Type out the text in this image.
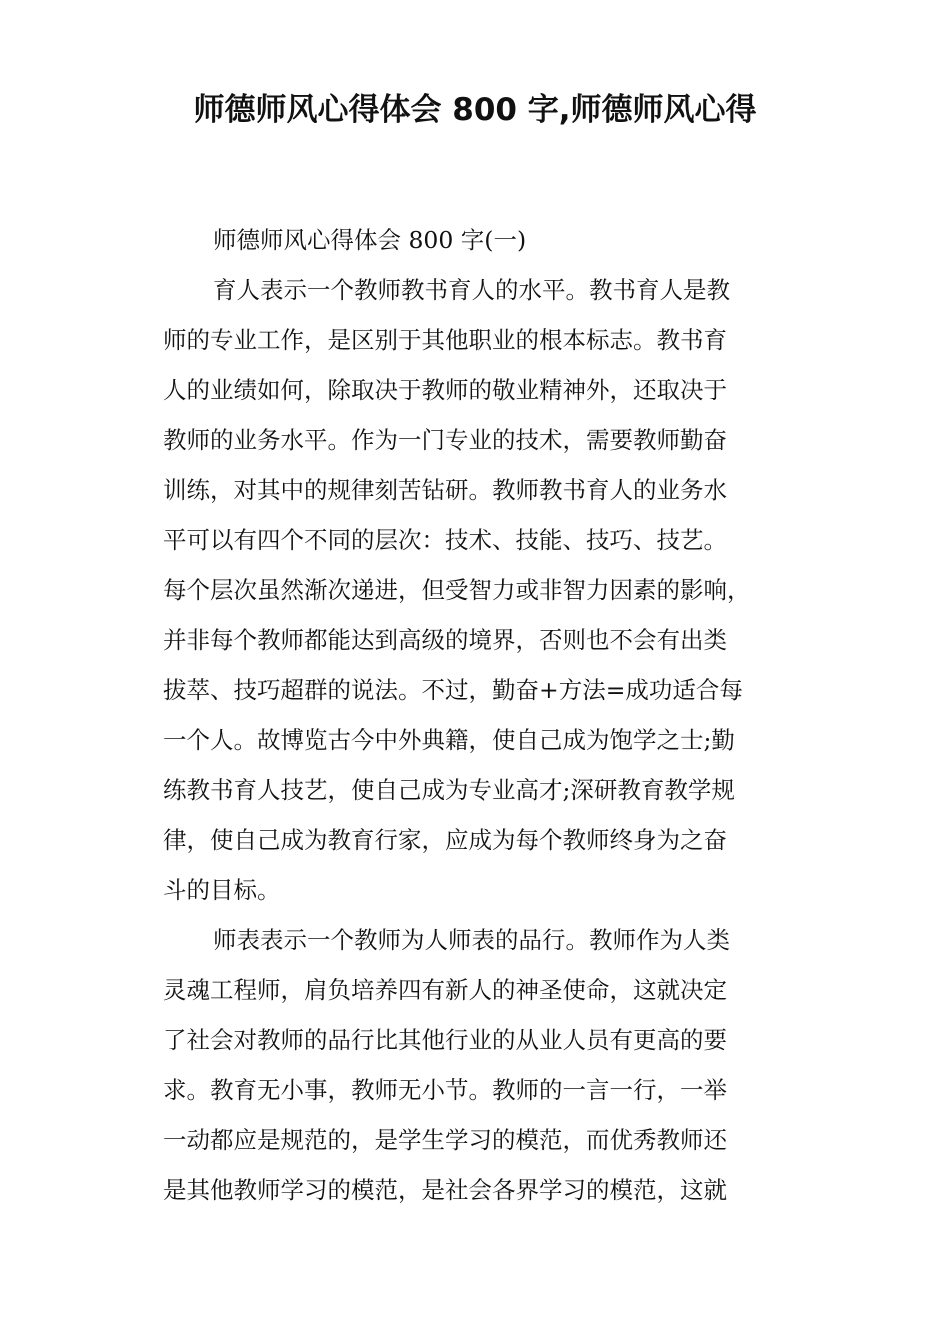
师德师风心得体会 800 字,师德师风心得

师德师风心得体会 800 字(一)

育人表示一个教师教书育人的水平。教书育人是教
师的专业工作，是区别于其他职业的根本标志。教书育
人的业绩如何，除取决于教师的敬业精神外，还取决于
教师的业务水平。作为一门专业的技术，需要教师勤奋
训练，对其中的规律刻苦钻研。教师教书育人的业务水
平可以有四个不同的层次：技术、技能、技巧、技艺。
每个层次虽然渐次递进，但受智力或非智力因素的影响，
并非每个教师都能达到高级的境界，否则也不会有出类
拔萃、技巧超群的说法。不过，勤奋+方法=成功适合每
一个人。故博览古今中外典籍，使自己成为饱学之士;勤
练教书育人技艺，使自己成为专业高才;深研教育教学规
律，使自己成为教育行家，应成为每个教师终身为之奋
斗的目标。

师表表示一个教师为人师表的品行。教师作为人类
灵魂工程师，肩负培养四有新人的神圣使命，这就决定
了社会对教师的品行比其他行业的从业人员有更高的要
求。教育无小事，教师无小节。教师的一言一行，一举
一动都应是规范的，是学生学习的模范，而优秀教师还
是其他教师学习的模范，是社会各界学习的模范，这就
